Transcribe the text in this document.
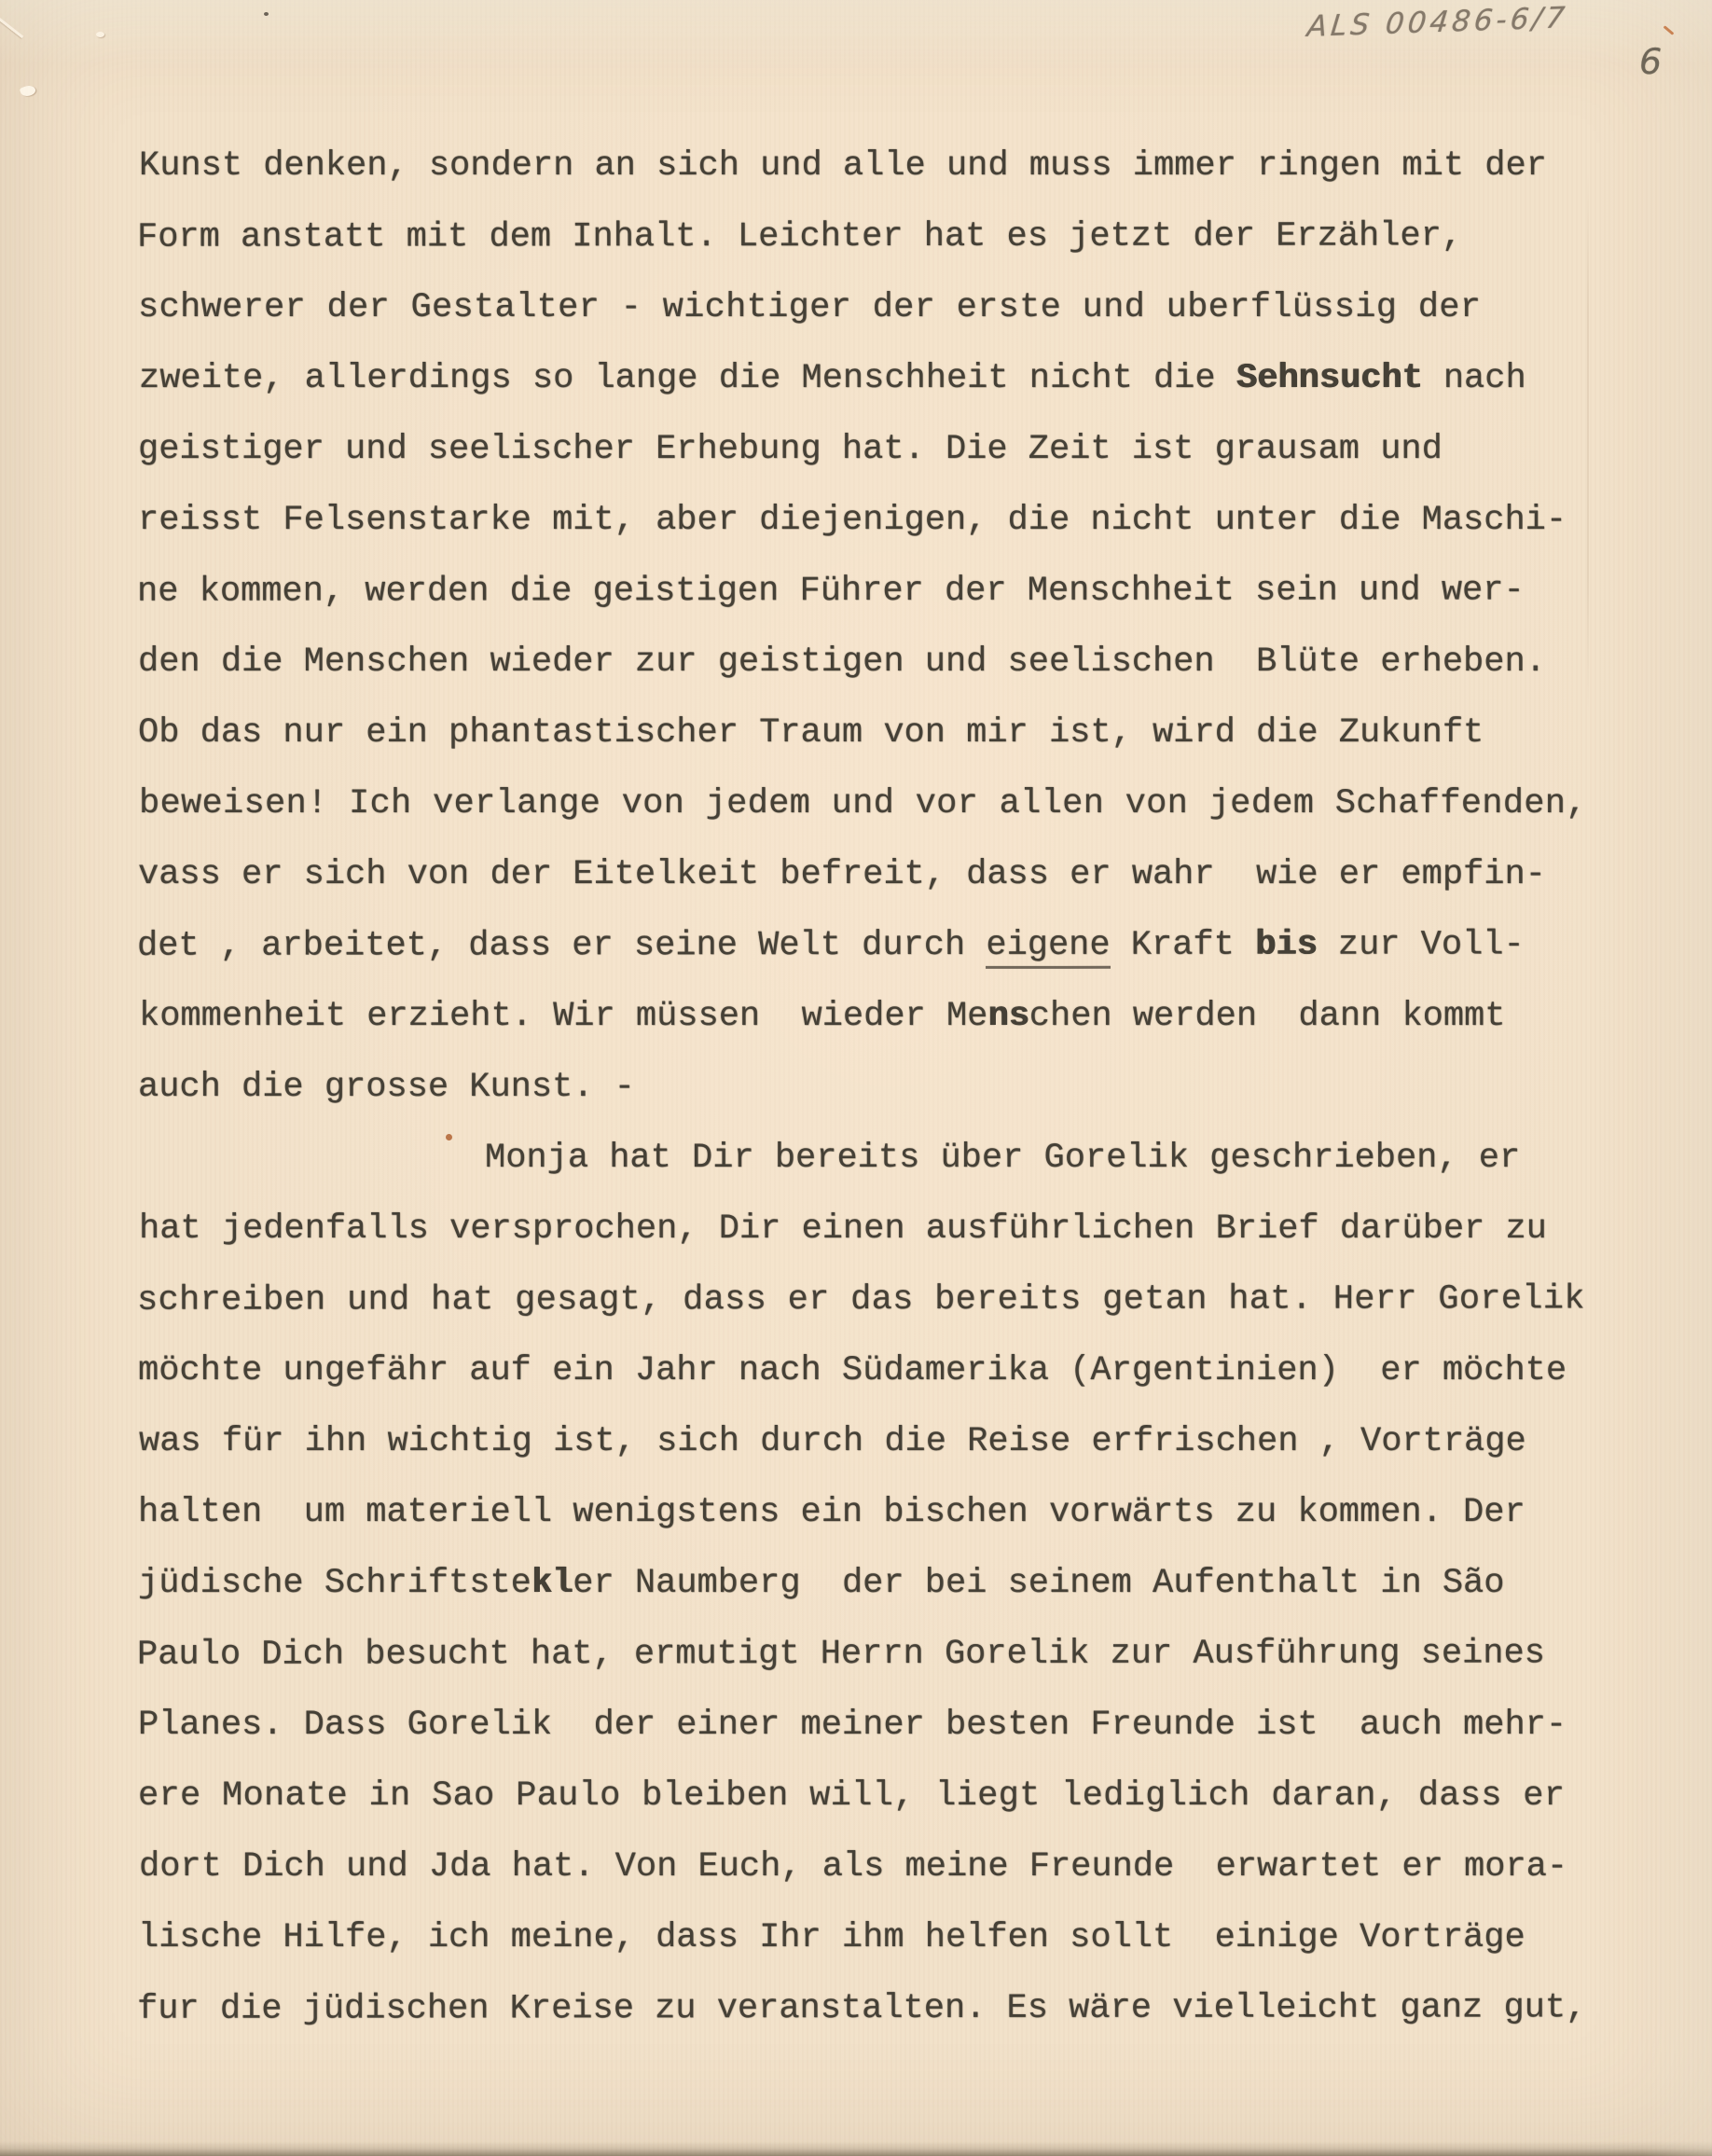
ALS 00486-6/7
6
Kunst denken, sondern an sich und alle und muss immer ringen mit der
Form anstatt mit dem Inhalt. Leichter hat es jetzt der Erzähler,
schwerer der Gestalter - wichtiger der erste und uberflüssig der
zweite, allerdings so lange die Menschheit nicht die Sehnsucht nach
geistiger und seelischer Erhebung hat. Die Zeit ist grausam und
reisst Felsenstarke mit, aber diejenigen, die nicht unter die Maschi-
ne kommen, werden die geistigen Führer der Menschheit sein und wer-
den die Menschen wieder zur geistigen und seelischen  Blüte erheben.
Ob das nur ein phantastischer Traum von mir ist, wird die Zukunft
beweisen! Ich verlange von jedem und vor allen von jedem Schaffenden,
vass er sich von der Eitelkeit befreit, dass er wahr  wie er empfin-
det , arbeitet, dass er seine Welt durch eigene Kraft bis zur Voll-
kommenheit erzieht. Wir müssen  wieder Menschen werden  dann kommt
auch die grosse Kunst. -
Monja hat Dir bereits über Gorelik geschrieben, er
hat jedenfalls versprochen, Dir einen ausführlichen Brief darüber zu
schreiben und hat gesagt, dass er das bereits getan hat. Herr Gorelik
möchte ungefähr auf ein Jahr nach Südamerika (Argentinien)  er möchte
was für ihn wichtig ist, sich durch die Reise erfrischen , Vorträge
halten  um materiell wenigstens ein bischen vorwärts zu kommen. Der
jüdische Schriftstekler Naumberg  der bei seinem Aufenthalt in São
Paulo Dich besucht hat, ermutigt Herrn Gorelik zur Ausführung seines
Planes. Dass Gorelik  der einer meiner besten Freunde ist  auch mehr-
ere Monate in Sao Paulo bleiben will, liegt lediglich daran, dass er
dort Dich und Jda hat. Von Euch, als meine Freunde  erwartet er mora-
lische Hilfe, ich meine, dass Ihr ihm helfen sollt  einige Vorträge
fur die jüdischen Kreise zu veranstalten. Es wäre vielleicht ganz gut,
